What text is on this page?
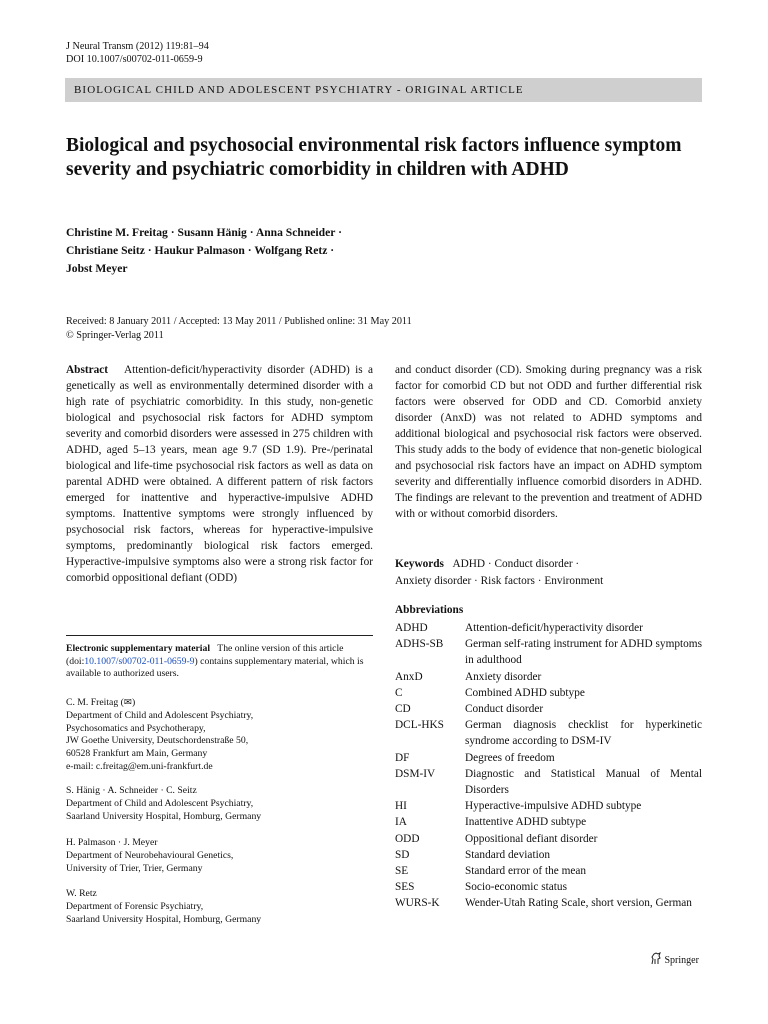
J Neural Transm (2012) 119:81–94
DOI 10.1007/s00702-011-0659-9
BIOLOGICAL CHILD AND ADOLESCENT PSYCHIATRY - ORIGINAL ARTICLE
Biological and psychosocial environmental risk factors influence symptom severity and psychiatric comorbidity in children with ADHD
Christine M. Freitag · Susann Hänig · Anna Schneider ·
Christiane Seitz · Haukur Palmason · Wolfgang Retz ·
Jobst Meyer
Received: 8 January 2011 / Accepted: 13 May 2011 / Published online: 31 May 2011
© Springer-Verlag 2011
Abstract Attention-deficit/hyperactivity disorder (ADHD) is a genetically as well as environmentally determined disorder with a high rate of psychiatric comorbidity. In this study, non-genetic biological and psychosocial risk factors for ADHD symptom severity and comorbid disorders were assessed in 275 children with ADHD, aged 5–13 years, mean age 9.7 (SD 1.9). Pre-/perinatal biological and life-time psychosocial risk factors as well as data on parental ADHD were obtained. A different pattern of risk factors emerged for inattentive and hyperactive-impulsive ADHD symptoms. Inattentive symptoms were strongly influenced by psychosocial risk factors, whereas for hyperactive-impulsive symptoms, predominantly biological risk factors emerged. Hyperactive-impulsive symptoms also were a strong risk factor for comorbid oppositional defiant (ODD)
Electronic supplementary material The online version of this article (doi:10.1007/s00702-011-0659-9) contains supplementary material, which is available to authorized users.
C. M. Freitag (✉)
Department of Child and Adolescent Psychiatry,
Psychosomatics and Psychotherapy,
JW Goethe University, Deutschordenstraße 50,
60528 Frankfurt am Main, Germany
e-mail: c.freitag@em.uni-frankfurt.de
S. Hänig · A. Schneider · C. Seitz
Department of Child and Adolescent Psychiatry,
Saarland University Hospital, Homburg, Germany
H. Palmason · J. Meyer
Department of Neurobehavioural Genetics,
University of Trier, Trier, Germany
W. Retz
Department of Forensic Psychiatry,
Saarland University Hospital, Homburg, Germany
and conduct disorder (CD). Smoking during pregnancy was a risk factor for comorbid CD but not ODD and further differential risk factors were observed for ODD and CD. Comorbid anxiety disorder (AnxD) was not related to ADHD symptoms and additional biological and psychosocial risk factors were observed. This study adds to the body of evidence that non-genetic biological and psychosocial risk factors have an impact on ADHD symptom severity and differentially influence comorbid disorders in ADHD. The findings are relevant to the prevention and treatment of ADHD with or without comorbid disorders.
Keywords ADHD · Conduct disorder ·
Anxiety disorder · Risk factors · Environment
Abbreviations
ADHD	Attention-deficit/hyperactivity disorder
ADHS-SB	German self-rating instrument for ADHD symptoms in adulthood
AnxD	Anxiety disorder
C	Combined ADHD subtype
CD	Conduct disorder
DCL-HKS	German diagnosis checklist for hyperkinetic syndrome according to DSM-IV
DF	Degrees of freedom
DSM-IV	Diagnostic and Statistical Manual of Mental Disorders
HI	Hyperactive-impulsive ADHD subtype
IA	Inattentive ADHD subtype
ODD	Oppositional defiant disorder
SD	Standard deviation
SE	Standard error of the mean
SES	Socio-economic status
WURS-K	Wender-Utah Rating Scale, short version, German
Springer
